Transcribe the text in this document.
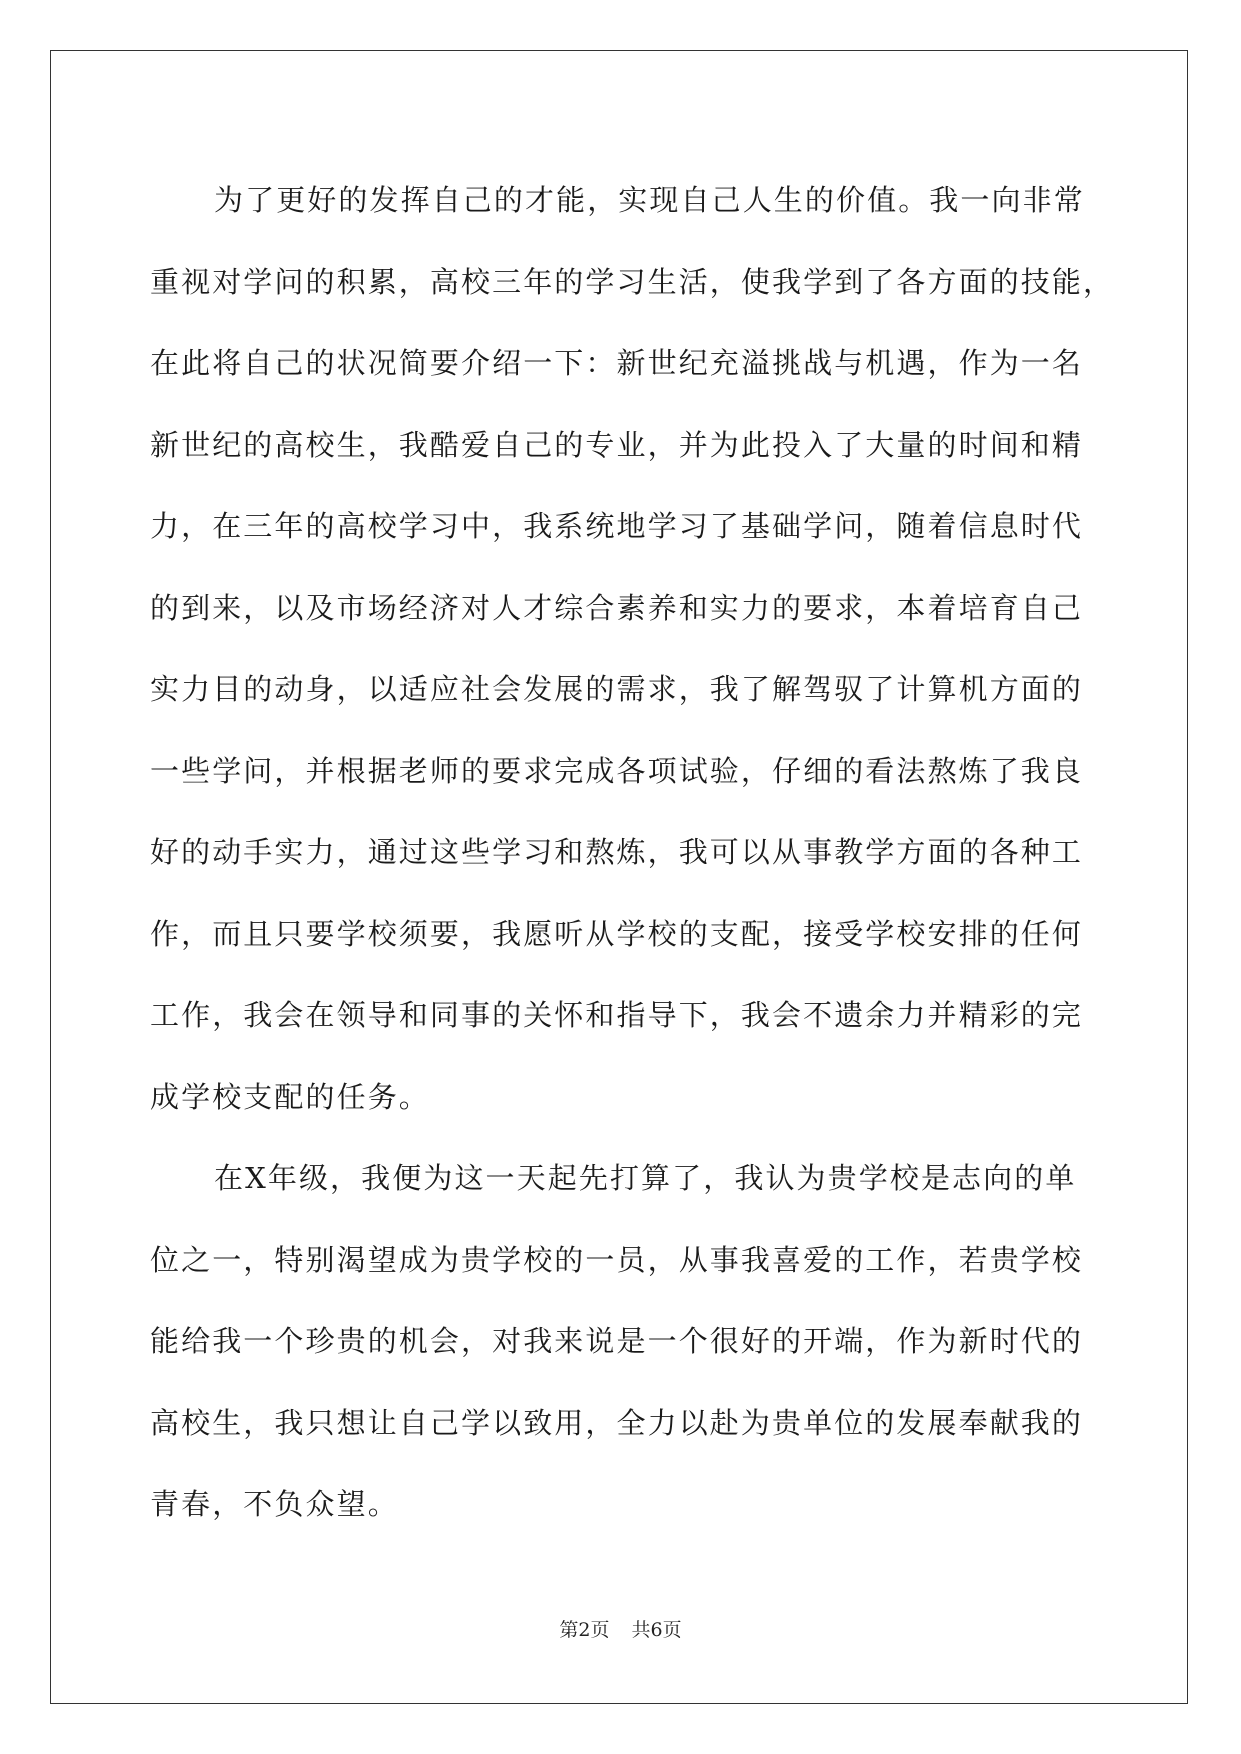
为了更好的发挥自己的才能，实现自己人生的价值。我一向非常
重视对学问的积累，高校三年的学习生活，使我学到了各方面的技能，
在此将自己的状况简要介绍一下：新世纪充溢挑战与机遇，作为一名
新世纪的高校生，我酷爱自己的专业，并为此投入了大量的时间和精
力，在三年的高校学习中，我系统地学习了基础学问，随着信息时代
的到来，以及市场经济对人才综合素养和实力的要求，本着培育自己
实力目的动身，以适应社会发展的需求，我了解驾驭了计算机方面的
一些学问，并根据老师的要求完成各项试验，仔细的看法熬炼了我良
好的动手实力，通过这些学习和熬炼，我可以从事教学方面的各种工
作，而且只要学校须要，我愿听从学校的支配，接受学校安排的任何
工作，我会在领导和同事的关怀和指导下，我会不遗余力并精彩的完
成学校支配的任务。
在X年级，我便为这一天起先打算了，我认为贵学校是志向的单
位之一，特别渴望成为贵学校的一员，从事我喜爱的工作，若贵学校
能给我一个珍贵的机会，对我来说是一个很好的开端，作为新时代的
高校生，我只想让自己学以致用，全力以赴为贵单位的发展奉献我的
青春，不负众望。
第2页 共6页
